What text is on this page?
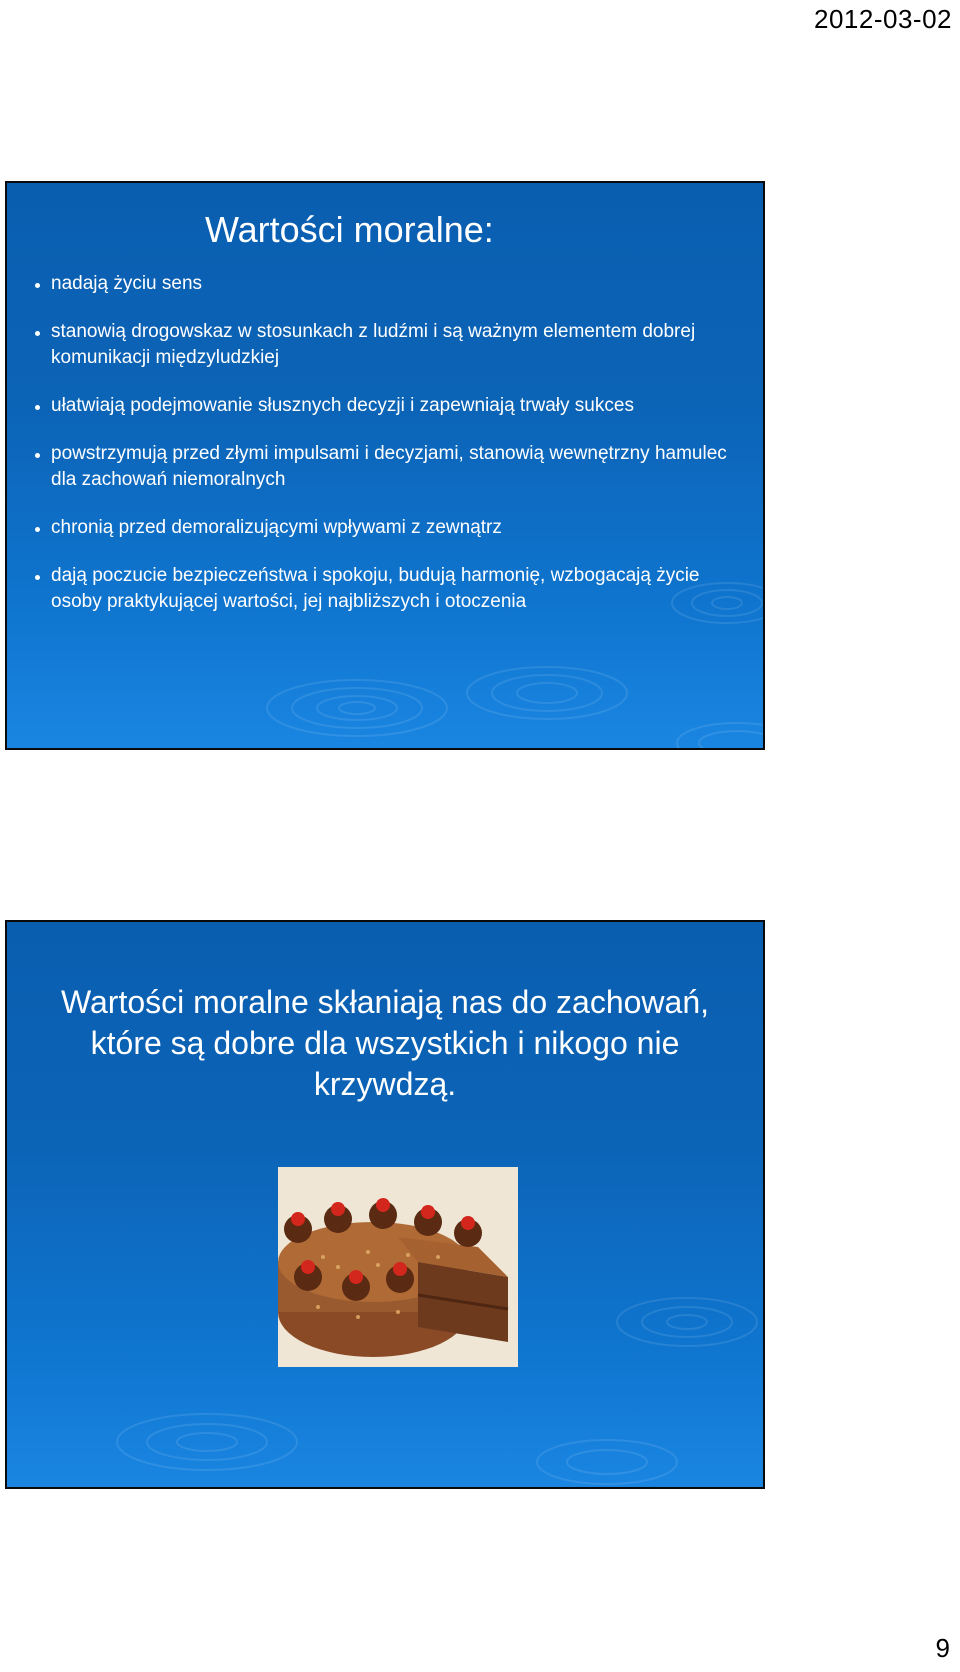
2012-03-02
Wartości moralne:
nadają życiu sens
stanowią drogowskaz w stosunkach z ludźmi i są ważnym elementem dobrej komunikacji międzyludzkiej
ułatwiają podejmowanie słusznych decyzji i zapewniają trwały sukces
powstrzymują przed złymi impulsami i decyzjami, stanowią wewnętrzny hamulec dla zachowań niemoralnych
chronią przed demoralizującymi wpływami z zewnątrz
dają poczucie bezpieczeństwa i spokoju, budują harmonię, wzbogacają życie osoby praktykującej wartości, jej najbliższych i otoczenia

Wartości moralne skłaniają nas do zachowań, które są dobre dla wszystkich i nikogo nie krzywdzą.

9
